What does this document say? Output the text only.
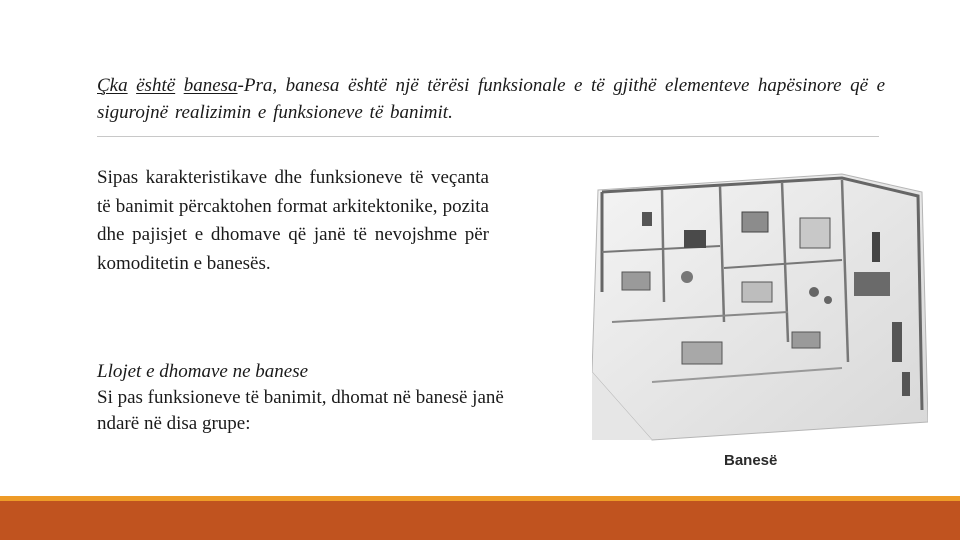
Çka është banesa-Pra, banesa është një tërësi funksionale e të gjithë elementeve hapësinore që e sigurojnë realizimin e funksioneve të banimit.
Sipas karakteristikave dhe funksioneve të veçanta të banimit përcaktohen format arkitektonike, pozita dhe pajisjet e dhomave që janë të nevojshme për komoditetin e banesës.
Llojet e dhomave ne banese
Si pas funksioneve të banimit, dhomat në banesë janë ndarë në disa grupe:
Banesë
